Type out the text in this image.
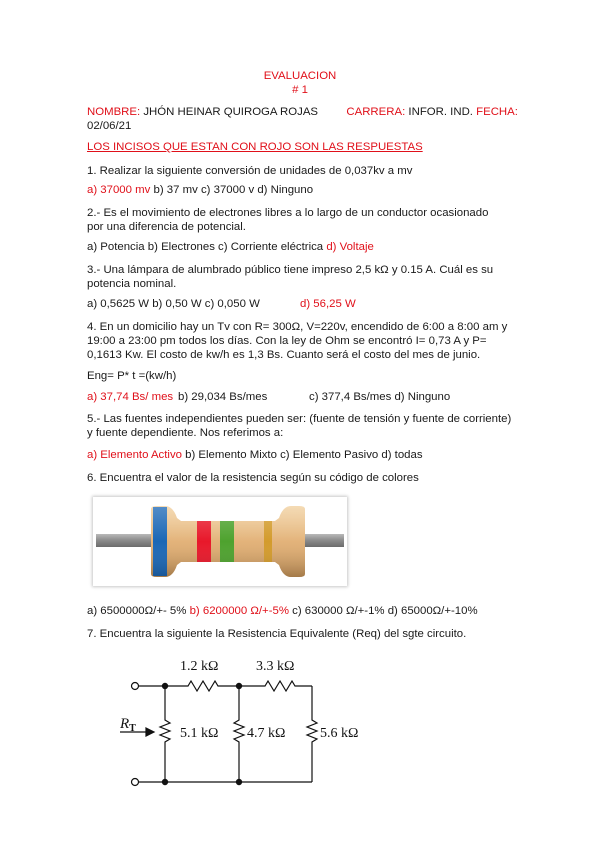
EVALUACION
# 1
NOMBRE: JHÓN HEINAR QUIROGA ROJAS CARRERA: INFOR. IND. FECHA:
02/06/21
LOS INCISOS QUE ESTAN CON ROJO SON LAS RESPUESTAS
1. Realizar la siguiente conversión de unidades de 0,037kv a mv
a) 37000 mv b) 37 mv c) 37000 v d) Ninguno
2.- Es el movimiento de electrones libres a lo largo de un conductor ocasionado
por una diferencia de potencial.
a) Potencia b) Electrones c) Corriente eléctrica d) Voltaje
3.- Una lámpara de alumbrado público tiene impreso 2,5 kΩ y 0.15 A. Cuál es su
potencia nominal.
a) 0,5625 W b) 0,50 W c) 0,050 W	d) 56,25 W
4. En un domicilio hay un Tv con R= 300Ω, V=220v, encendido de 6:00 a 8:00 am y
19:00 a 23:00 pm todos los días. Con la ley de Ohm se encontró I= 0,73 A y P=
0,1613 Kw. El costo de kw/h es 1,3 Bs. Cuanto será el costo del mes de junio.
Eng= P* t =(kw/h)
a) 37,74 Bs/ mes b) 29,034 Bs/mes	c) 377,4 Bs/mes d) Ninguno
5.- Las fuentes independientes pueden ser: (fuente de tensión y fuente de corriente)
y fuente dependiente. Nos referimos a:
a) Elemento Activo b) Elemento Mixto c) Elemento Pasivo d) todas
6. Encuentra el valor de la resistencia según su código de colores
a) 6500000Ω/+- 5% b) 6200000 Ω/+-5% c) 630000 Ω/+-1% d) 65000Ω/+-10%
7. Encuentra la siguiente la Resistencia Equivalente (Req) del sgte circuito.
1.2 kΩ	3.3 kΩ
5.1 kΩ 4.7 kΩ 5.6 kΩ
$R_T$
